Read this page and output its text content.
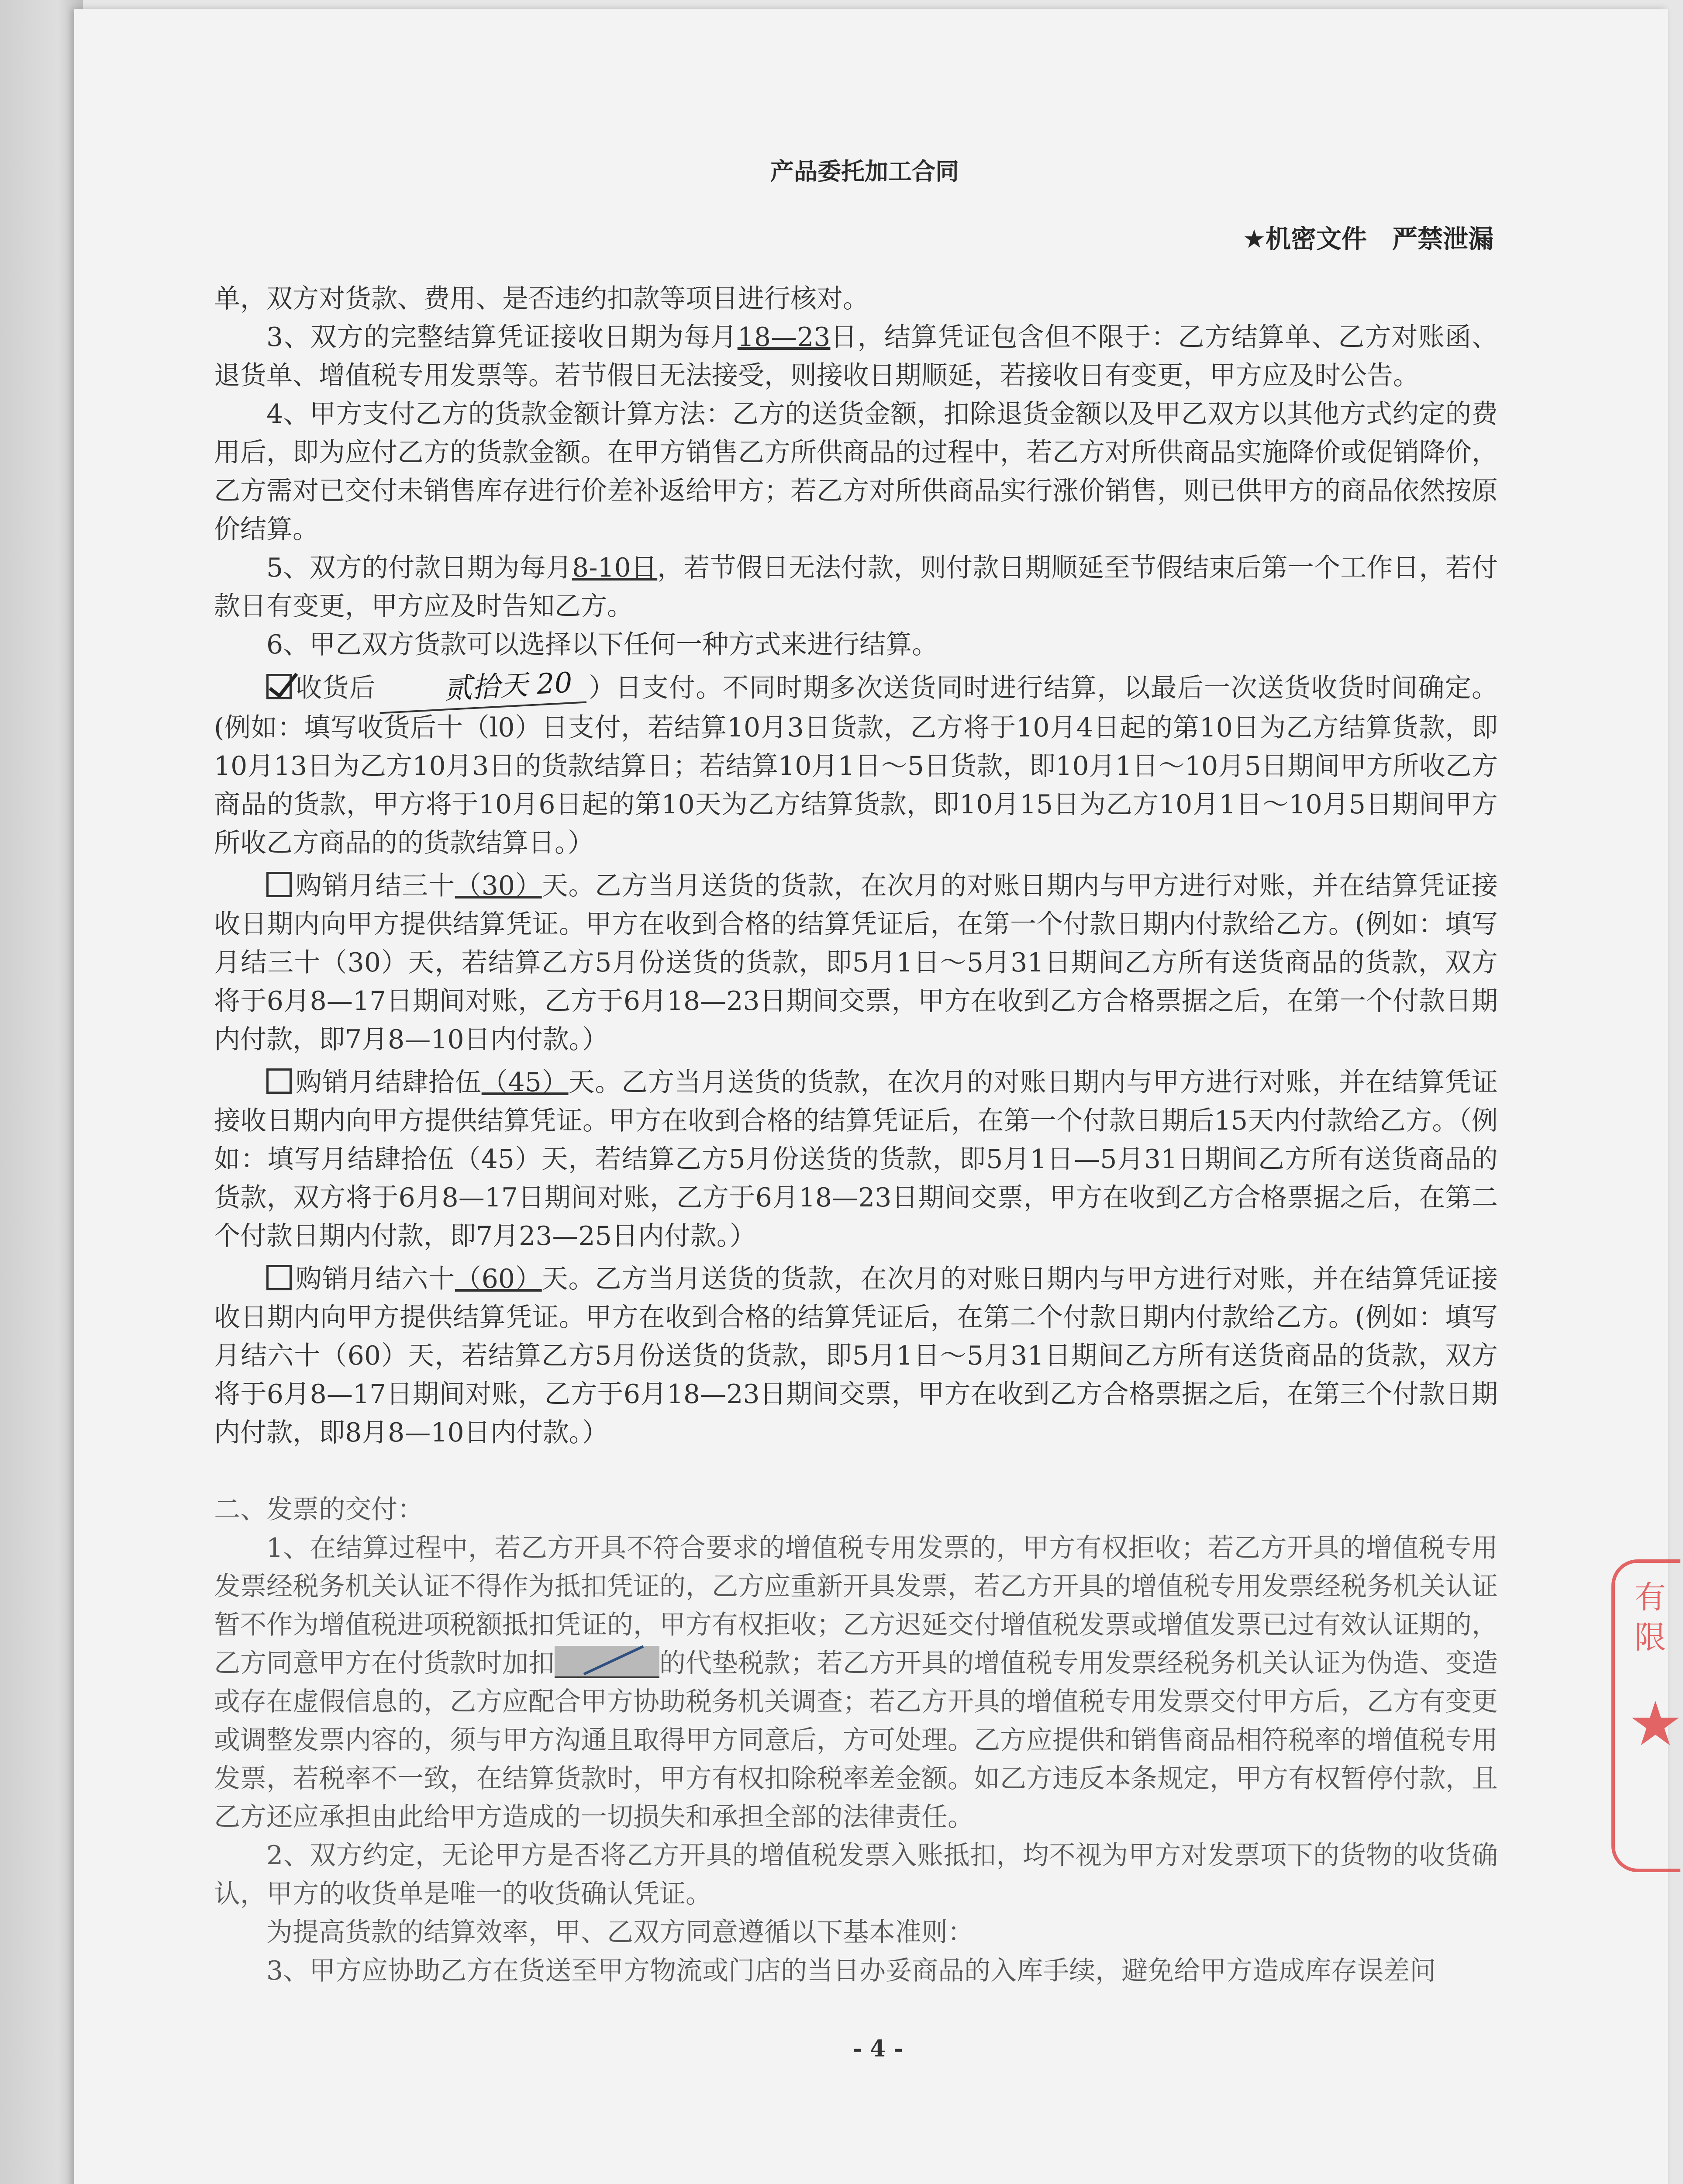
产品委托加工合同
★机密文件　严禁泄漏

单，双方对货款、费用、是否违约扣款等项目进行核对。

3、双方的完整结算凭证接收日期为每月18—23日，结算凭证包含但不限于：乙方结算单、乙方对账函、退货单、增值税专用发票等。若节假日无法接受，则接收日期顺延，若接收日有变更，甲方应及时公告。

4、甲方支付乙方的货款金额计算方法：乙方的送货金额，扣除退货金额以及甲乙双方以其他方式约定的费用后，即为应付乙方的货款金额。在甲方销售乙方所供商品的过程中，若乙方对所供商品实施降价或促销降价，乙方需对已交付未销售库存进行价差补返给甲方；若乙方对所供商品实行涨价销售，则已供甲方的商品依然按原价结算。

5、双方的付款日期为每月8-10日，若节假日无法付款，则付款日期顺延至节假结束后第一个工作日，若付款日有变更，甲方应及时告知乙方。

6、甲乙双方货款可以选择以下任何一种方式来进行结算。

收货后 贰拾天 20 ）日支付。不同时期多次送货同时进行结算，以最后一次送货收货时间确定。(例如：填写收货后十（l0）日支付，若结算10月3日货款，乙方将于10月4日起的第10日为乙方结算货款，即10月13日为乙方10月3日的货款结算日；若结算10月1日～5日货款，即10月1日～10月5日期间甲方所收乙方商品的货款，甲方将于10月6日起的第10天为乙方结算货款，即10月15日为乙方10月1日～10月5日期间甲方所收乙方商品的的货款结算日。）

购销月结三十（30）天。乙方当月送货的货款，在次月的对账日期内与甲方进行对账，并在结算凭证接收日期内向甲方提供结算凭证。甲方在收到合格的结算凭证后，在第一个付款日期内付款给乙方。(例如：填写月结三十（30）天，若结算乙方5月份送货的货款，即5月1日～5月31日期间乙方所有送货商品的货款，双方将于6月8—17日期间对账，乙方于6月18—23日期间交票，甲方在收到乙方合格票据之后，在第一个付款日期内付款，即7月8—10日内付款。）

购销月结肆拾伍（45）天。乙方当月送货的货款，在次月的对账日期内与甲方进行对账，并在结算凭证接收日期内向甲方提供结算凭证。甲方在收到合格的结算凭证后，在第一个付款日期后15天内付款给乙方。（例如：填写月结肆拾伍（45）天，若结算乙方5月份送货的货款，即5月1日—5月31日期间乙方所有送货商品的货款，双方将于6月8—17日期间对账，乙方于6月18—23日期间交票，甲方在收到乙方合格票据之后，在第二个付款日期内付款，即7月23—25日内付款。）

购销月结六十（60）天。乙方当月送货的货款，在次月的对账日期内与甲方进行对账，并在结算凭证接收日期内向甲方提供结算凭证。甲方在收到合格的结算凭证后，在第二个付款日期内付款给乙方。(例如：填写月结六十（60）天，若结算乙方5月份送货的货款，即5月1日～5月31日期间乙方所有送货商品的货款，双方将于6月8—17日期间对账，乙方于6月18—23日期间交票，甲方在收到乙方合格票据之后，在第三个付款日期内付款，即8月8—10日内付款。）

二、发票的交付：

1、在结算过程中，若乙方开具不符合要求的增值税专用发票的，甲方有权拒收；若乙方开具的增值税专用发票经税务机关认证不得作为抵扣凭证的，乙方应重新开具发票，若乙方开具的增值税专用发票经税务机关认证暂不作为增值税进项税额抵扣凭证的，甲方有权拒收；乙方迟延交付增值税发票或增值发票已过有效认证期的，乙方同意甲方在付货款时加扣	的代垫税款；若乙方开具的增值税专用发票经税务机关认证为伪造、变造或存在虚假信息的，乙方应配合甲方协助税务机关调查；若乙方开具的增值税专用发票交付甲方后，乙方有变更或调整发票内容的，须与甲方沟通且取得甲方同意后，方可处理。乙方应提供和销售商品相符税率的增值税专用发票，若税率不一致，在结算货款时，甲方有权扣除税率差金额。如乙方违反本条规定，甲方有权暂停付款，且乙方还应承担由此给甲方造成的一切损失和承担全部的法律责任。

2、双方约定，无论甲方是否将乙方开具的增值税发票入账抵扣，均不视为甲方对发票项下的货物的收货确认，甲方的收货单是唯一的收货确认凭证。

为提高货款的结算效率，甲、乙双方同意遵循以下基本准则：

3、甲方应协助乙方在货送至甲方物流或门店的当日办妥商品的入库手续，避免给甲方造成库存误差问

有限
★
- 4 -
